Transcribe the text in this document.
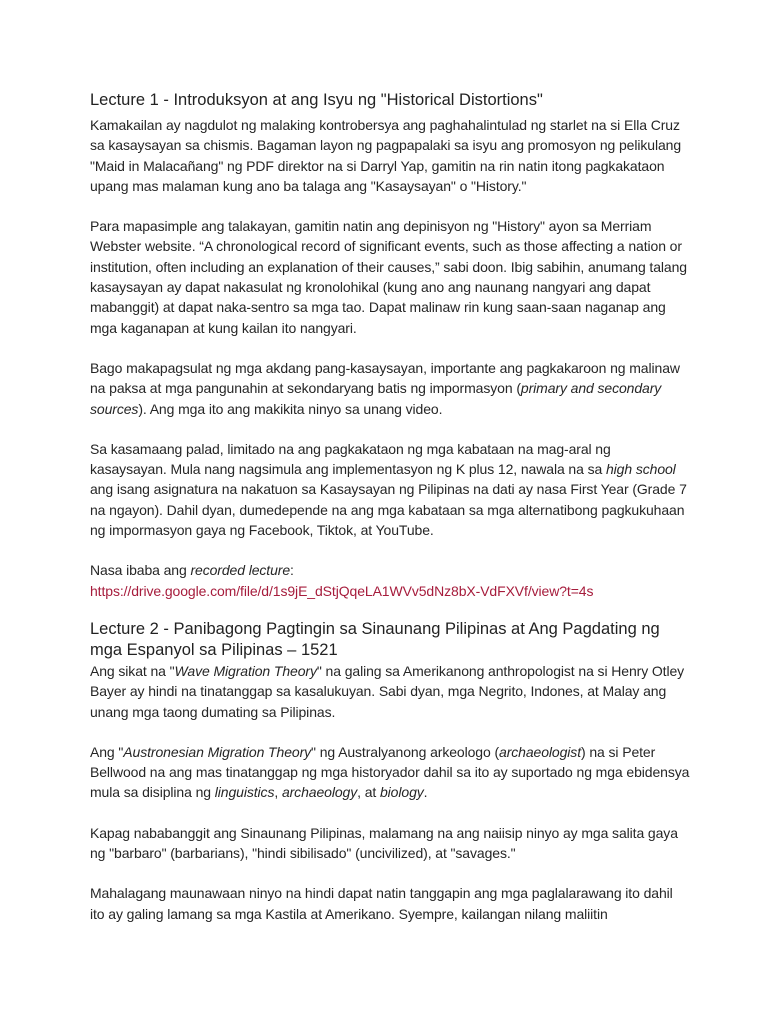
Lecture 1 - Introduksyon at ang Isyu ng "Historical Distortions"

Kamakailan ay nagdulot ng malaking kontrobersya ang paghahalintulad ng starlet na si Ella Cruz sa kasaysayan sa chismis. Bagaman layon ng pagpapalaki sa isyu ang promosyon ng pelikulang "Maid in Malacañang" ng PDF direktor na si Darryl Yap, gamitin na rin natin itong pagkakataon upang mas malaman kung ano ba talaga ang "Kasaysayan" o "History."

Para mapasimple ang talakayan, gamitin natin ang depinisyon ng "History" ayon sa Merriam Webster website. “A chronological record of significant events, such as those affecting a nation or institution, often including an explanation of their causes,” sabi doon. Ibig sabihin, anumang talang kasaysayan ay dapat nakasulat ng kronolohikal (kung ano ang naunang nangyari ang dapat mabanggit) at dapat naka-sentro sa mga tao. Dapat malinaw rin kung saan-saan naganap ang mga kaganapan at kung kailan ito nangyari.

Bago makapagsulat ng mga akdang pang-kasaysayan, importante ang pagkakaroon ng malinaw na paksa at mga pangunahin at sekondaryang batis ng impormasyon (primary and secondary sources). Ang mga ito ang makikita ninyo sa unang video.

Sa kasamaang palad, limitado na ang pagkakataon ng mga kabataan na mag-aral ng kasaysayan. Mula nang nagsimula ang implementasyon ng K plus 12, nawala na sa high school ang isang asignatura na nakatuon sa Kasaysayan ng Pilipinas na dati ay nasa First Year (Grade 7 na ngayon). Dahil dyan, dumedepende na ang mga kabataan sa mga alternatibong pagkukuhaan ng impormasyon gaya ng Facebook, Tiktok, at YouTube.

Nasa ibaba ang recorded lecture:

https://drive.google.com/file/d/1s9jE_dStjQqeLA1WVv5dNz8bX-VdFXVf/view?t=4s

Lecture 2 - Panibagong Pagtingin sa Sinaunang Pilipinas at Ang Pagdating ng mga Espanyol sa Pilipinas – 1521

Ang sikat na "Wave Migration Theory" na galing sa Amerikanong anthropologist na si Henry Otley Bayer ay hindi na tinatanggap sa kasalukuyan. Sabi dyan, mga Negrito, Indones, at Malay ang unang mga taong dumating sa Pilipinas.

Ang "Austronesian Migration Theory" ng Australyanong arkeologo (archaeologist) na si Peter Bellwood na ang mas tinatanggap ng mga historyador dahil sa ito ay suportado ng mga ebidensya mula sa disiplina ng linguistics, archaeology, at biology.

Kapag nababanggit ang Sinaunang Pilipinas, malamang na ang naiisip ninyo ay mga salita gaya ng "barbaro" (barbarians), "hindi sibilisado" (uncivilized), at "savages."

Mahalagang maunawaan ninyo na hindi dapat natin tanggapin ang mga paglalarawang ito dahil ito ay galing lamang sa mga Kastila at Amerikano. Syempre, kailangan nilang maliitin
